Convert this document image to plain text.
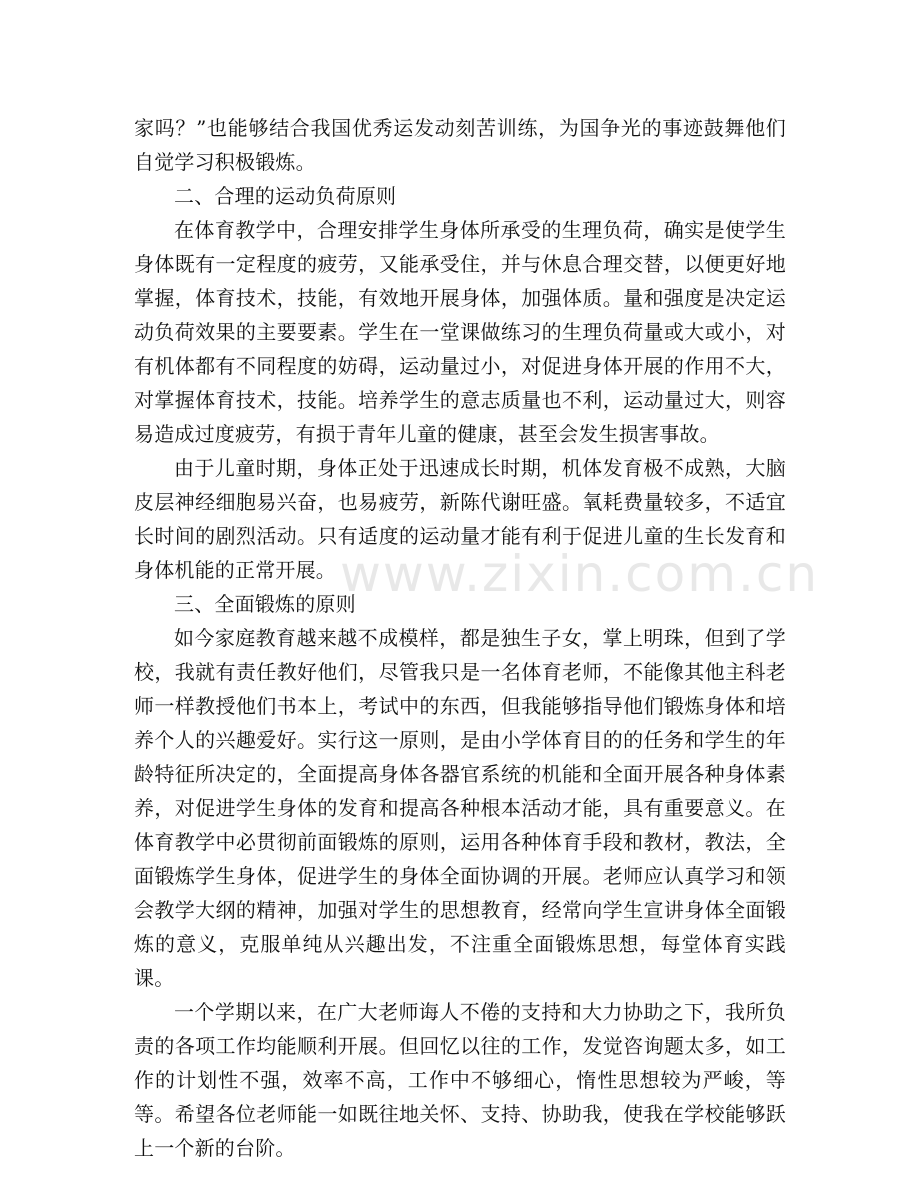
家吗？”也能够结合我国优秀运发动刻苦训练，为国争光的事迹鼓舞他们自觉学习积极锻炼。

二、合理的运动负荷原则

在体育教学中，合理安排学生身体所承受的生理负荷，确实是使学生身体既有一定程度的疲劳，又能承受住，并与休息合理交替，以便更好地掌握，体育技术，技能，有效地开展身体，加强体质。量和强度是决定运动负荷效果的主要要素。学生在一堂课做练习的生理负荷量或大或小，对有机体都有不同程度的妨碍，运动量过小，对促进身体开展的作用不大，对掌握体育技术，技能。培养学生的意志质量也不利，运动量过大，则容易造成过度疲劳，有损于青年儿童的健康，甚至会发生损害事故。

由于儿童时期，身体正处于迅速成长时期，机体发育极不成熟，大脑皮层神经细胞易兴奋，也易疲劳，新陈代谢旺盛。氧耗费量较多，不适宜长时间的剧烈活动。只有适度的运动量才能有利于促进儿童的生长发育和身体机能的正常开展。

三、全面锻炼的原则

如今家庭教育越来越不成模样，都是独生子女，掌上明珠，但到了学校，我就有责任教好他们，尽管我只是一名体育老师，不能像其他主科老师一样教授他们书本上，考试中的东西，但我能够指导他们锻炼身体和培养个人的兴趣爱好。实行这一原则，是由小学体育目的的任务和学生的年龄特征所决定的，全面提高身体各器官系统的机能和全面开展各种身体素养，对促进学生身体的发育和提高各种根本活动才能，具有重要意义。在体育教学中必贯彻前面锻炼的原则，运用各种体育手段和教材，教法，全面锻炼学生身体，促进学生的身体全面协调的开展。老师应认真学习和领会教学大纲的精神，加强对学生的思想教育，经常向学生宣讲身体全面锻炼的意义，克服单纯从兴趣出发，不注重全面锻炼思想，每堂体育实践课。

一个学期以来，在广大老师诲人不倦的支持和大力协助之下，我所负责的各项工作均能顺利开展。但回忆以往的工作，发觉咨询题太多，如工作的计划性不强，效率不高，工作中不够细心，惰性思想较为严峻，等等。希望各位老师能一如既往地关怀、支持、协助我，使我在学校能够跃上一个新的台阶。

www.zixin.com.cn
